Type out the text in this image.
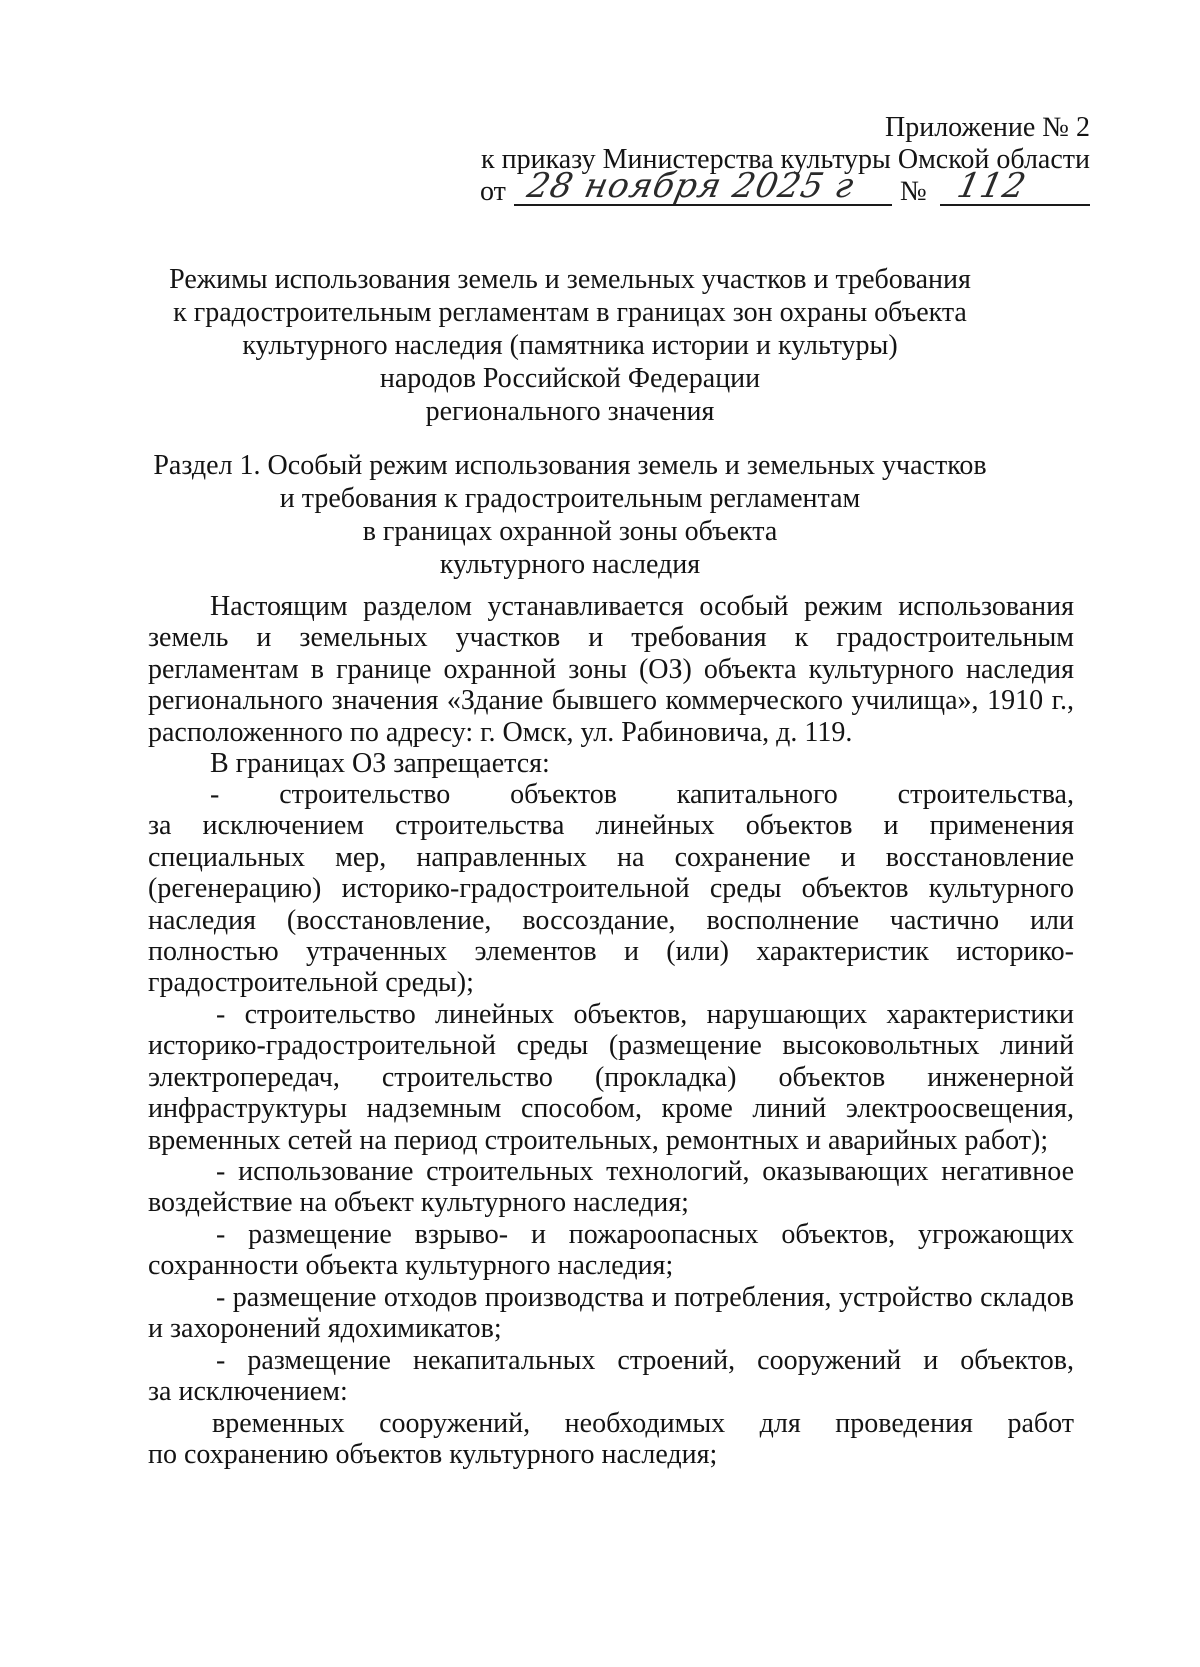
Приложение № 2
к приказу Министерства культуры Омской области
от 28 ноября 2025 г № 112
Режимы использования земель и земельных участков и требования
к градостроительным регламентам в границах зон охраны объекта
культурного наследия (памятника истории и культуры)
народов Российской Федерации
регионального значения
Раздел 1. Особый режим использования земель и земельных участков
и требования к градостроительным регламентам
в границах охранной зоны объекта
культурного наследия
Настоящим разделом устанавливается особый режим использования
земель и земельных участков и требования к градостроительным
регламентам в границе охранной зоны (ОЗ) объекта культурного наследия
регионального значения «Здание бывшего коммерческого училища», 1910 г.,
расположенного по адресу: г. Омск, ул. Рабиновича, д. 119.
В границах ОЗ запрещается:
- строительство объектов капитального строительства,
за исключением строительства линейных объектов и применения
специальных мер, направленных на сохранение и восстановление
(регенерацию) историко-градостроительной среды объектов культурного
наследия (восстановление, воссоздание, восполнение частично или
полностью утраченных элементов и (или) характеристик историко-
градостроительной среды);
- строительство линейных объектов, нарушающих характеристики
историко-градостроительной среды (размещение высоковольтных линий
электропередач, строительство (прокладка) объектов инженерной
инфраструктуры надземным способом, кроме линий электроосвещения,
временных сетей на период строительных, ремонтных и аварийных работ);
- использование строительных технологий, оказывающих негативное
воздействие на объект культурного наследия;
- размещение взрыво- и пожароопасных объектов, угрожающих
сохранности объекта культурного наследия;
- размещение отходов производства и потребления, устройство складов
и захоронений ядохимикатов;
- размещение некапитальных строений, сооружений и объектов,
за исключением:
временных сооружений, необходимых для проведения работ
по сохранению объектов культурного наследия;
